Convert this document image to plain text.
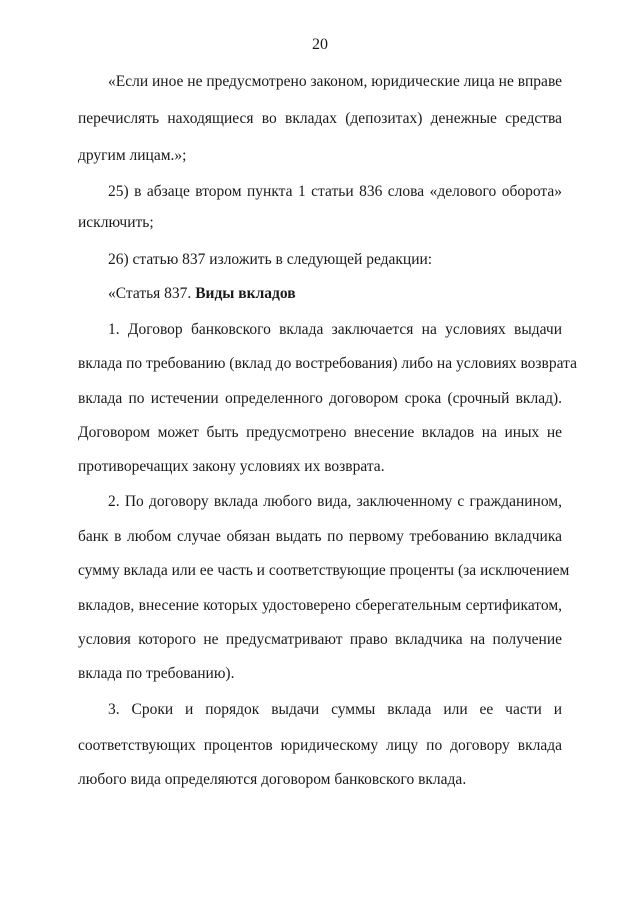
20
«Если иное не предусмотрено законом, юридические лица не вправе
перечислять находящиеся во вкладах (депозитах) денежные средства
другим лицам.»;
25) в абзаце втором пункта 1 статьи 836 слова «делового оборота»
исключить;
26) статью 837 изложить в следующей редакции:
«Статья 837. Виды вкладов
1. Договор банковского вклада заключается на условиях выдачи
вклада по требованию (вклад до востребования) либо на условиях возврата
вклада по истечении определенного договором срока (срочный вклад).
Договором может быть предусмотрено внесение вкладов на иных не
противоречащих закону условиях их возврата.
2. По договору вклада любого вида, заключенному с гражданином,
банк в любом случае обязан выдать по первому требованию вкладчика
сумму вклада или ее часть и соответствующие проценты (за исключением
вкладов, внесение которых удостоверено сберегательным сертификатом,
условия которого не предусматривают право вкладчика на получение
вклада по требованию).
3. Сроки и порядок выдачи суммы вклада или ее части и
соответствующих процентов юридическому лицу по договору вклада
любого вида определяются договором банковского вклада.
